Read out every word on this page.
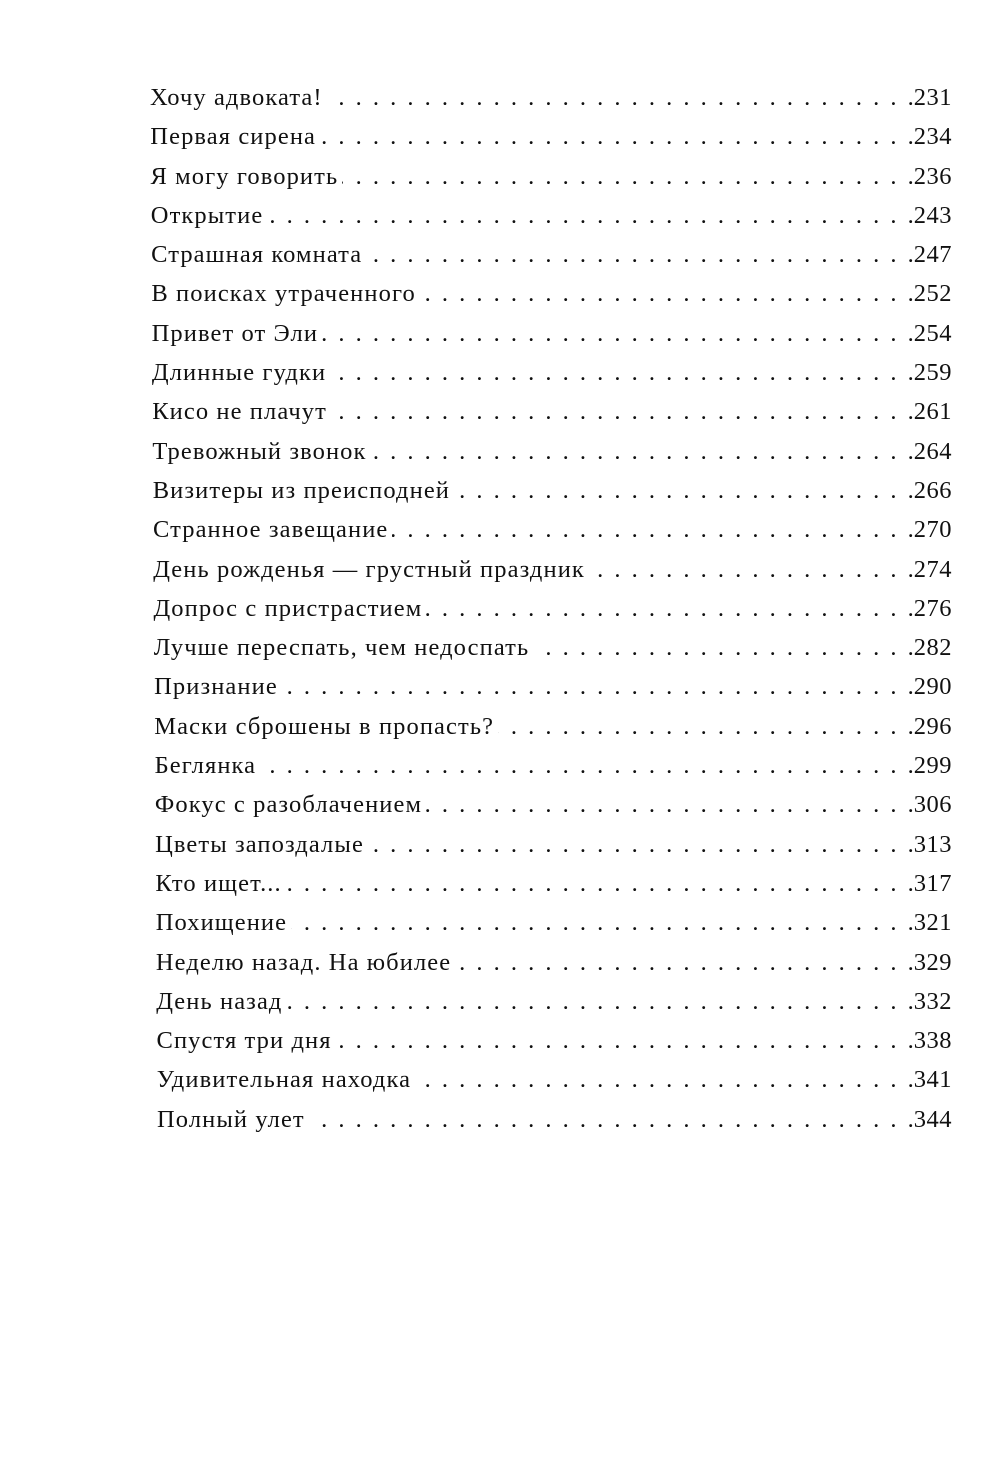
Хочу адвоката! . . .	231
Первая сирена . . .	234
Я могу говорить . . .	236
Открытие . . .	243
Страшная комната . . .	247
В поисках утраченного . . .	252
Привет от Эли . . .	254
Длинные гудки . . .	259
Кисо не плачут . . .	261
Тревожный звонок . . .	264
Визитеры из преисподней . . .	266
Странное завещание . . .	270
День рожденья — грустный праздник . . .	274
Допрос с пристрастием . . .	276
Лучше переспать, чем недоспать . . .	282
Признание . . .	290
Маски сброшены в пропасть? . . .	296
Беглянка . . .	299
Фокус с разоблачением . . .	306
Цветы запоздалые . . .	313
Кто ищет... . . .	317
Похищение . . .	321
Неделю назад. На юбилее . . .	329
День назад . . .	332
Спустя три дня . . .	338
Удивительная находка . . .	341
Полный улет . . .	344
